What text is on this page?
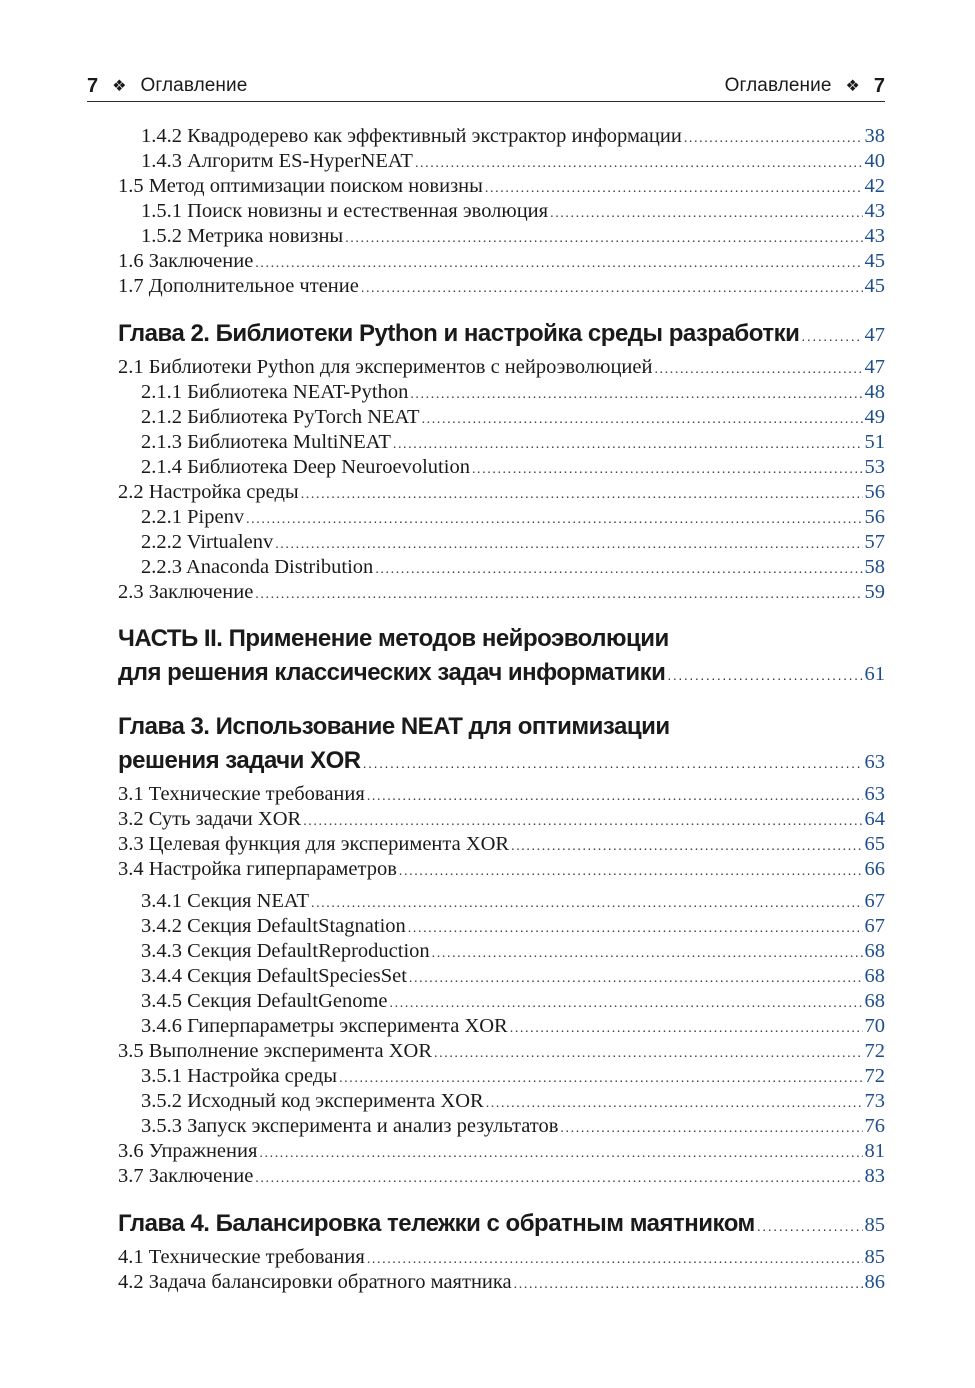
7 ❖ Оглавление	Оглавление ❖ 7
1.4.2 Квадродерево как эффективный экстрактор информации .....	38
1.4.3 Алгоритм ES-HyperNEAT .....	40
1.5 Метод оптимизации поиском новизны .....	42
1.5.1 Поиск новизны и естественная эволюция .....	43
1.5.2 Метрика новизны .....	43
1.6 Заключение .....	45
1.7 Дополнительное чтение .....	45
Глава 2. Библиотеки Python и настройка среды разработки .....	47
2.1 Библиотеки Python для экспериментов с нейроэволюцией .....	47
2.1.1 Библиотека NEAT-Python .....	48
2.1.2 Библиотека PyTorch NEAT .....	49
2.1.3 Библиотека MultiNEAT .....	51
2.1.4 Библиотека Deep Neuroevolution .....	53
2.2 Настройка среды .....	56
2.2.1 Pipenv .....	56
2.2.2 Virtualenv .....	57
2.2.3 Anaconda Distribution .....	58
2.3 Заключение .....	59
ЧАСТЬ II. Применение методов нейроэволюции
для решения классических задач информатики .....	61
Глава 3. Использование NEAT для оптимизации
решения задачи XOR .....	63
3.1 Технические требования .....	63
3.2 Суть задачи XOR .....	64
3.3 Целевая функция для эксперимента XOR .....	65
3.4 Настройка гиперпараметров .....	66
3.4.1 Секция NEAT .....	67
3.4.2 Секция DefaultStagnation .....	67
3.4.3 Секция DefaultReproduction .....	68
3.4.4 Секция DefaultSpeciesSet .....	68
3.4.5 Секция DefaultGenome .....	68
3.4.6 Гиперпараметры эксперимента XOR .....	70
3.5 Выполнение эксперимента XOR .....	72
3.5.1 Настройка среды .....	72
3.5.2 Исходный код эксперимента XOR .....	73
3.5.3 Запуск эксперимента и анализ результатов .....	76
3.6 Упражнения .....	81
3.7 Заключение .....	83
Глава 4. Балансировка тележки с обратным маятником .....	85
4.1 Технические требования .....	85
4.2 Задача балансировки обратного маятника .....	86
